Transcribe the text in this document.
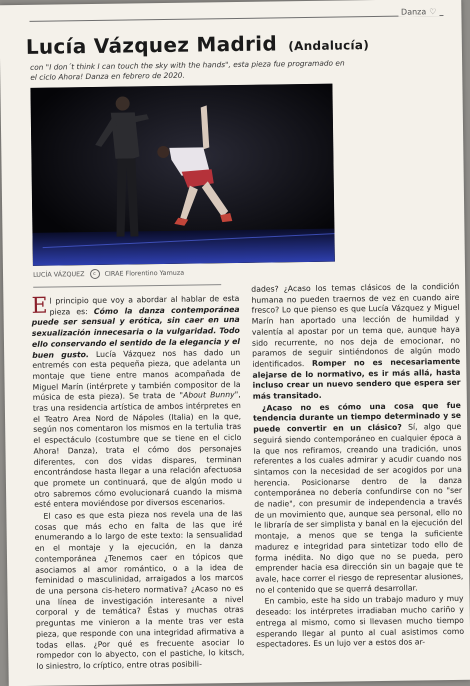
Danza ♡
Lucía Vázquez Madrid (Andalucía)
con "I don´t think I can touch the sky with the hands", esta pieza fue programado en el ciclo Ahora! Danza en febrero de 2020.
LUCÍA VÁZQUEZ	c	CIRAE Florentino Yamuza

El principio que voy a abordar al hablar de esta pieza es: Cómo la danza contemporánea puede ser sensual y erótica, sin caer en una sexualización innecesaria o la vulgaridad. Todo ello conservando el sentido de la elegancia y el buen gusto. Lucía Vázquez nos has dado un entremés con esta pequeña pieza, que adelanta un montaje que tiene entre manos acompañada de Miguel Marín (intérprete y también compositor de la música de esta pieza). Se trata de "About Bunny", tras una residencia artística de ambos intérpretes en el Teatro Area Nord de Nápoles (Italia) en la que, según nos comentaron los mismos en la tertulia tras el espectáculo (costumbre que se tiene en el ciclo Ahora! Danza), trata el cómo dos personajes diferentes, con dos vidas dispares, terminan encontrándose hasta llegar a una relación afectuosa que promete un continuará, que de algún modo u otro sabremos cómo evolucionará cuando la misma esté entera moviéndose por diversos escenarios.

El caso es que esta pieza nos revela una de las cosas que más echo en falta de las que iré enumerando a lo largo de este texto: la sensualidad en el montaje y la ejecución, en la danza contemporánea ¿Tenemos caer en tópicos que asociamos al amor romántico, o a la idea de feminidad o masculinidad, arraigados a los marcos de una persona cis-hetero normativa? ¿Acaso no es una línea de investigación interesante a nivel corporal y de temática? Éstas y muchas otras preguntas me vinieron a la mente tras ver esta pieza, que responde con una integridad afirmativa a todas ellas. ¿Por qué es frecuente asociar lo rompedor con lo abyecto, con el pastiche, lo kitsch, lo siniestro, lo críptico, entre otras posibili-

dades? ¿Acaso los temas clásicos de la condición humana no pueden traernos de vez en cuando aire fresco? Lo que pienso es que Lucía Vázquez y Miguel Marín han aportado una lección de humildad y valentía al apostar por un tema que, aunque haya sido recurrente, no nos deja de emocionar, no paramos de seguir sintiéndonos de algún modo identificados. Romper no es necesariamente alejarse de lo normativo, es ir más allá, hasta incluso crear un nuevo sendero que espera ser más transitado.

¿Acaso no es cómo una cosa que fue tendencia durante un tiempo determinado y se puede convertir en un clásico? Sí, algo que seguirá siendo contemporáneo en cualquier época a la que nos refiramos, creando una tradición, unos referentes a los cuales admirar y acudir cuando nos sintamos con la necesidad de ser acogidos por una herencia. Posicionarse dentro de la danza contemporánea no debería confundirse con no "ser de nadie", con presumir de independencia a través de un movimiento que, aunque sea personal, ello no le libraría de ser simplista y banal en la ejecución del montaje, a menos que se tenga la suficiente madurez e integridad para sintetizar todo ello de forma inédita. No digo que no se pueda, pero emprender hacia esa dirección sin un bagaje que te avale, hace correr el riesgo de representar alusiones, no el contenido que se querrá desarrollar.

En cambio, este ha sido un trabajo maduro y muy deseado: los intérpretes irradiaban mucho cariño y entrega al mismo, como si llevasen mucho tiempo esperando llegar al punto al cual asistimos como espectadores. Es un lujo ver a estos dos ar-
